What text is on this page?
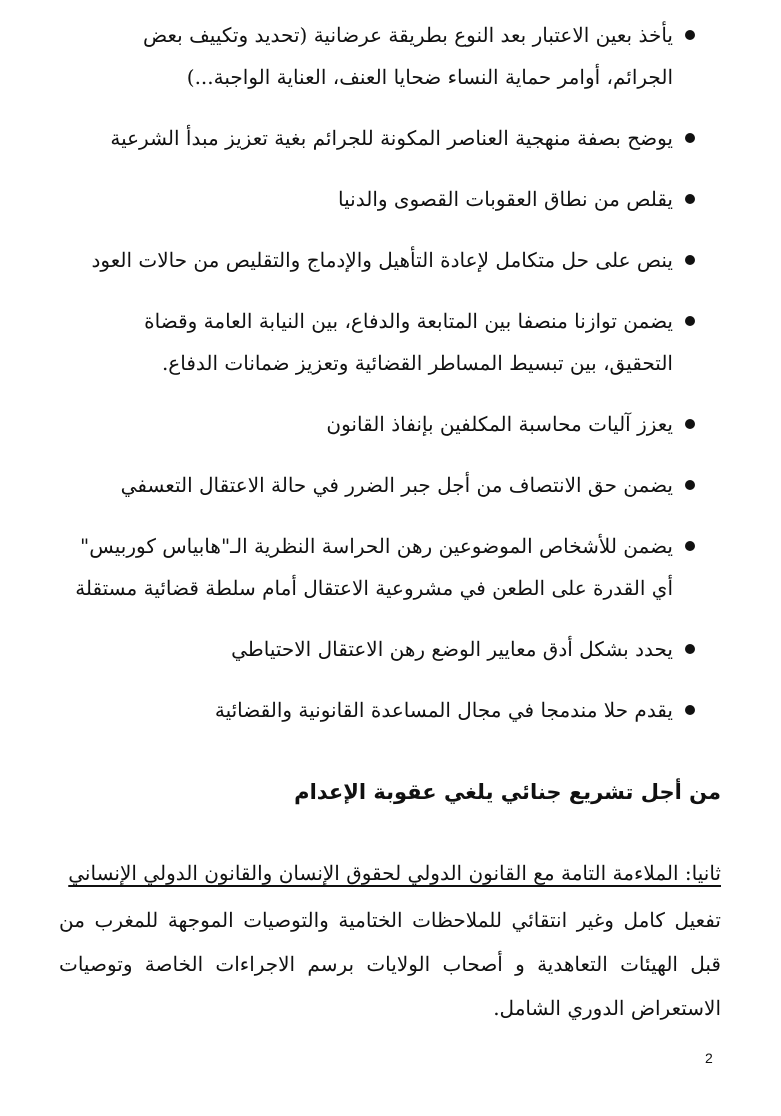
يأخذ بعين الاعتبار بعد النوع بطريقة عرضانية (تحديد وتكييف بعض الجرائم، أوامر حماية النساء ضحايا العنف، العناية الواجبة...)
يوضح بصفة منهجية العناصر المكونة للجرائم بغية تعزيز مبدأ الشرعية
يقلص من نطاق العقوبات القصوى والدنيا
ينص على حل متكامل لإعادة التأهيل والإدماج والتقليص من حالات العود
يضمن توازنا منصفا بين المتابعة والدفاع، بين النيابة العامة وقضاة التحقيق، بين تبسيط المساطر القضائية وتعزيز ضمانات الدفاع.
يعزز آليات محاسبة المكلفين بإنفاذ القانون
يضمن حق الانتصاف من أجل جبر الضرر في حالة الاعتقال التعسفي
يضمن للأشخاص الموضوعين رهن الحراسة النظرية الـ"هابياس كوربيس" أي القدرة على الطعن في مشروعية الاعتقال أمام سلطة قضائية مستقلة
يحدد بشكل أدق معايير الوضع رهن الاعتقال الاحتياطي
يقدم حلا مندمجا في مجال المساعدة القانونية والقضائية
من أجل تشريع جنائي يلغي عقوبة الإعدام

ثانيا: الملاءمة التامة مع القانون الدولي لحقوق الإنسان والقانون الدولي الإنساني

تفعيل كامل وغير انتقائي للملاحظات الختامية والتوصيات الموجهة للمغرب من قبل الهيئات التعاهدية و أصحاب الولايات برسم الاجراءات الخاصة وتوصيات الاستعراض الدوري الشامل.

2
